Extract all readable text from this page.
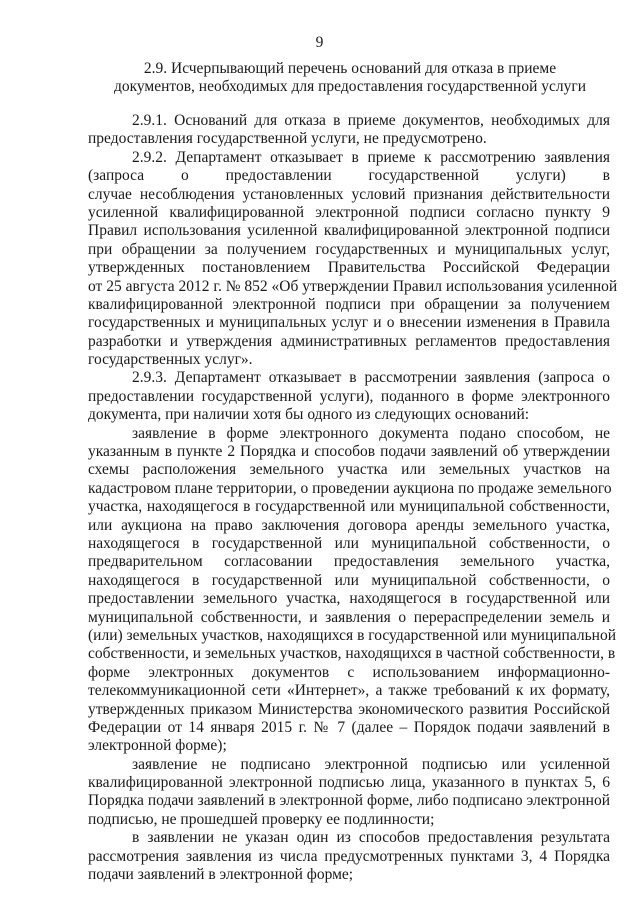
9
2.9. Исчерпывающий перечень оснований для отказа в приеме
документов, необходимых для предоставления государственной услуги
2.9.1. Оснований для отказа в приеме документов, необходимых для
предоставления государственной услуги, не предусмотрено.
2.9.2. Департамент отказывает в приеме к рассмотрению заявления
(запроса о предоставлении государственной услуги) в
случае несоблюдения установленных условий признания действительности
усиленной квалифицированной электронной подписи согласно пункту 9
Правил использования усиленной квалифицированной электронной подписи
при обращении за получением государственных и муниципальных услуг,
утвержденных постановлением Правительства Российской Федерации
от 25 августа 2012 г. № 852 «Об утверждении Правил использования усиленной
квалифицированной электронной подписи при обращении за получением
государственных и муниципальных услуг и о внесении изменения в Правила
разработки и утверждения административных регламентов предоставления
государственных услуг».
2.9.3. Департамент отказывает в рассмотрении заявления (запроса о
предоставлении государственной услуги), поданного в форме электронного
документа, при наличии хотя бы одного из следующих оснований:
заявление в форме электронного документа подано способом, не
указанным в пункте 2 Порядка и способов подачи заявлений об утверждении
схемы расположения земельного участка или земельных участков на
кадастровом плане территории, о проведении аукциона по продаже земельного
участка, находящегося в государственной или муниципальной собственности,
или аукциона на право заключения договора аренды земельного участка,
находящегося в государственной или муниципальной собственности, о
предварительном согласовании предоставления земельного участка,
находящегося в государственной или муниципальной собственности, о
предоставлении земельного участка, находящегося в государственной или
муниципальной собственности, и заявления о перераспределении земель и
(или) земельных участков, находящихся в государственной или муниципальной
собственности, и земельных участков, находящихся в частной собственности, в
форме электронных документов с использованием информационно-
телекоммуникационной сети «Интернет», а также требований к их формату,
утвержденных приказом Министерства экономического развития Российской
Федерации от 14 января 2015 г. № 7 (далее – Порядок подачи заявлений в
электронной форме);
заявление не подписано электронной подписью или усиленной
квалифицированной электронной подписью лица, указанного в пунктах 5, 6
Порядка подачи заявлений в электронной форме, либо подписано электронной
подписью, не прошедшей проверку ее подлинности;
в заявлении не указан один из способов предоставления результата
рассмотрения заявления из числа предусмотренных пунктами 3, 4 Порядка
подачи заявлений в электронной форме;
